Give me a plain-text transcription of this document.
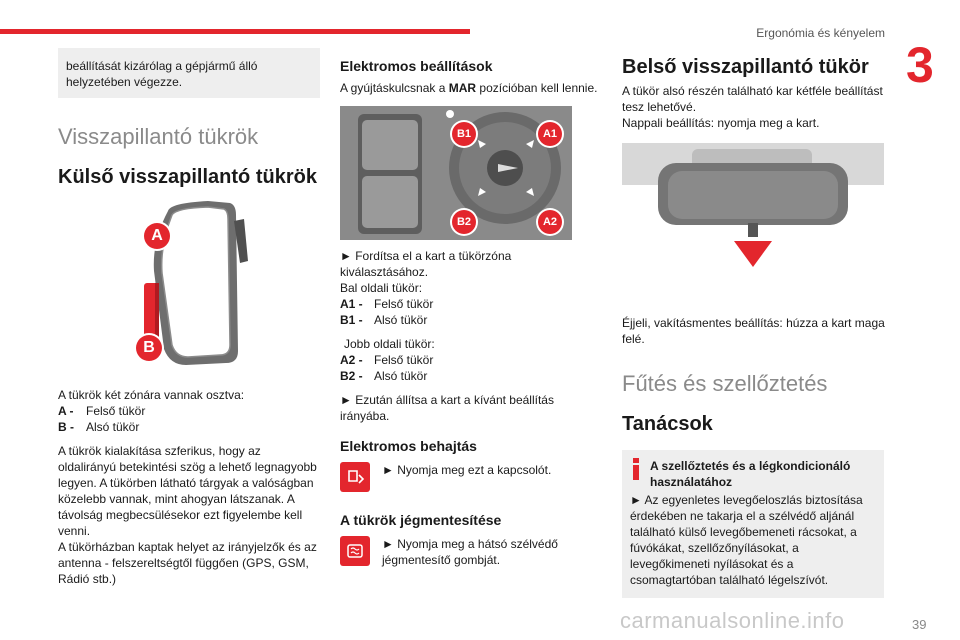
Ergonómia és kényelem
3
beállítását kizárólag a gépjármű álló helyzetében végezze.
Visszapillantó tükrök
Külső visszapillantó tükrök
A
B
A tükrök két zónára vannak osztva:
A -	Felső tükör
B -	Alsó tükör
A tükrök kialakítása szferikus, hogy az oldalirányú betekintési szög a lehető legnagyobb legyen. A tükörben látható tárgyak a valóságban közelebb vannak, mint ahogyan látszanak. A távolság megbecsülésekor ezt figyelembe kell venni.
A tükörházban kaptak helyet az irányjelzők és az antenna - felszereltségtől függően (GPS, GSM, Rádió stb.)
Elektromos beállítások
A gyújtáskulcsnak a MAR pozícióban kell lennie.
B1	A1
B2	A2
► Fordítsa el a kart a tükörzóna kiválasztásához.
Bal oldali tükör:
A1 - Felső tükör
B1 - Alsó tükör
Jobb oldali tükör:
A2 - Felső tükör
B2 - Alsó tükör
► Ezután állítsa a kart a kívánt beállítás irányába.
Elektromos behajtás
► Nyomja meg ezt a kapcsolót.
A tükrök jégmentesítése
► Nyomja meg a hátsó szélvédő jégmentesítő gombját.
Belső visszapillantó tükör
A tükör alsó részén található kar kétféle beállítást tesz lehetővé.
Nappali beállítás: nyomja meg a kart.
Éjjeli, vakításmentes beállítás: húzza a kart maga felé.
Fűtés és szellőztetés
Tanácsok
A szellőztetés és a légkondicionáló használatához
► Az egyenletes levegőeloszlás biztosítása érdekében ne takarja el a szélvédő aljánál található külső levegőbemeneti rácsokat, a fúvókákat, szellőzőnyílásokat, a levegőkimeneti nyílásokat és a csomagtartóban található légelszívót.
carmanualsonline.info	39
